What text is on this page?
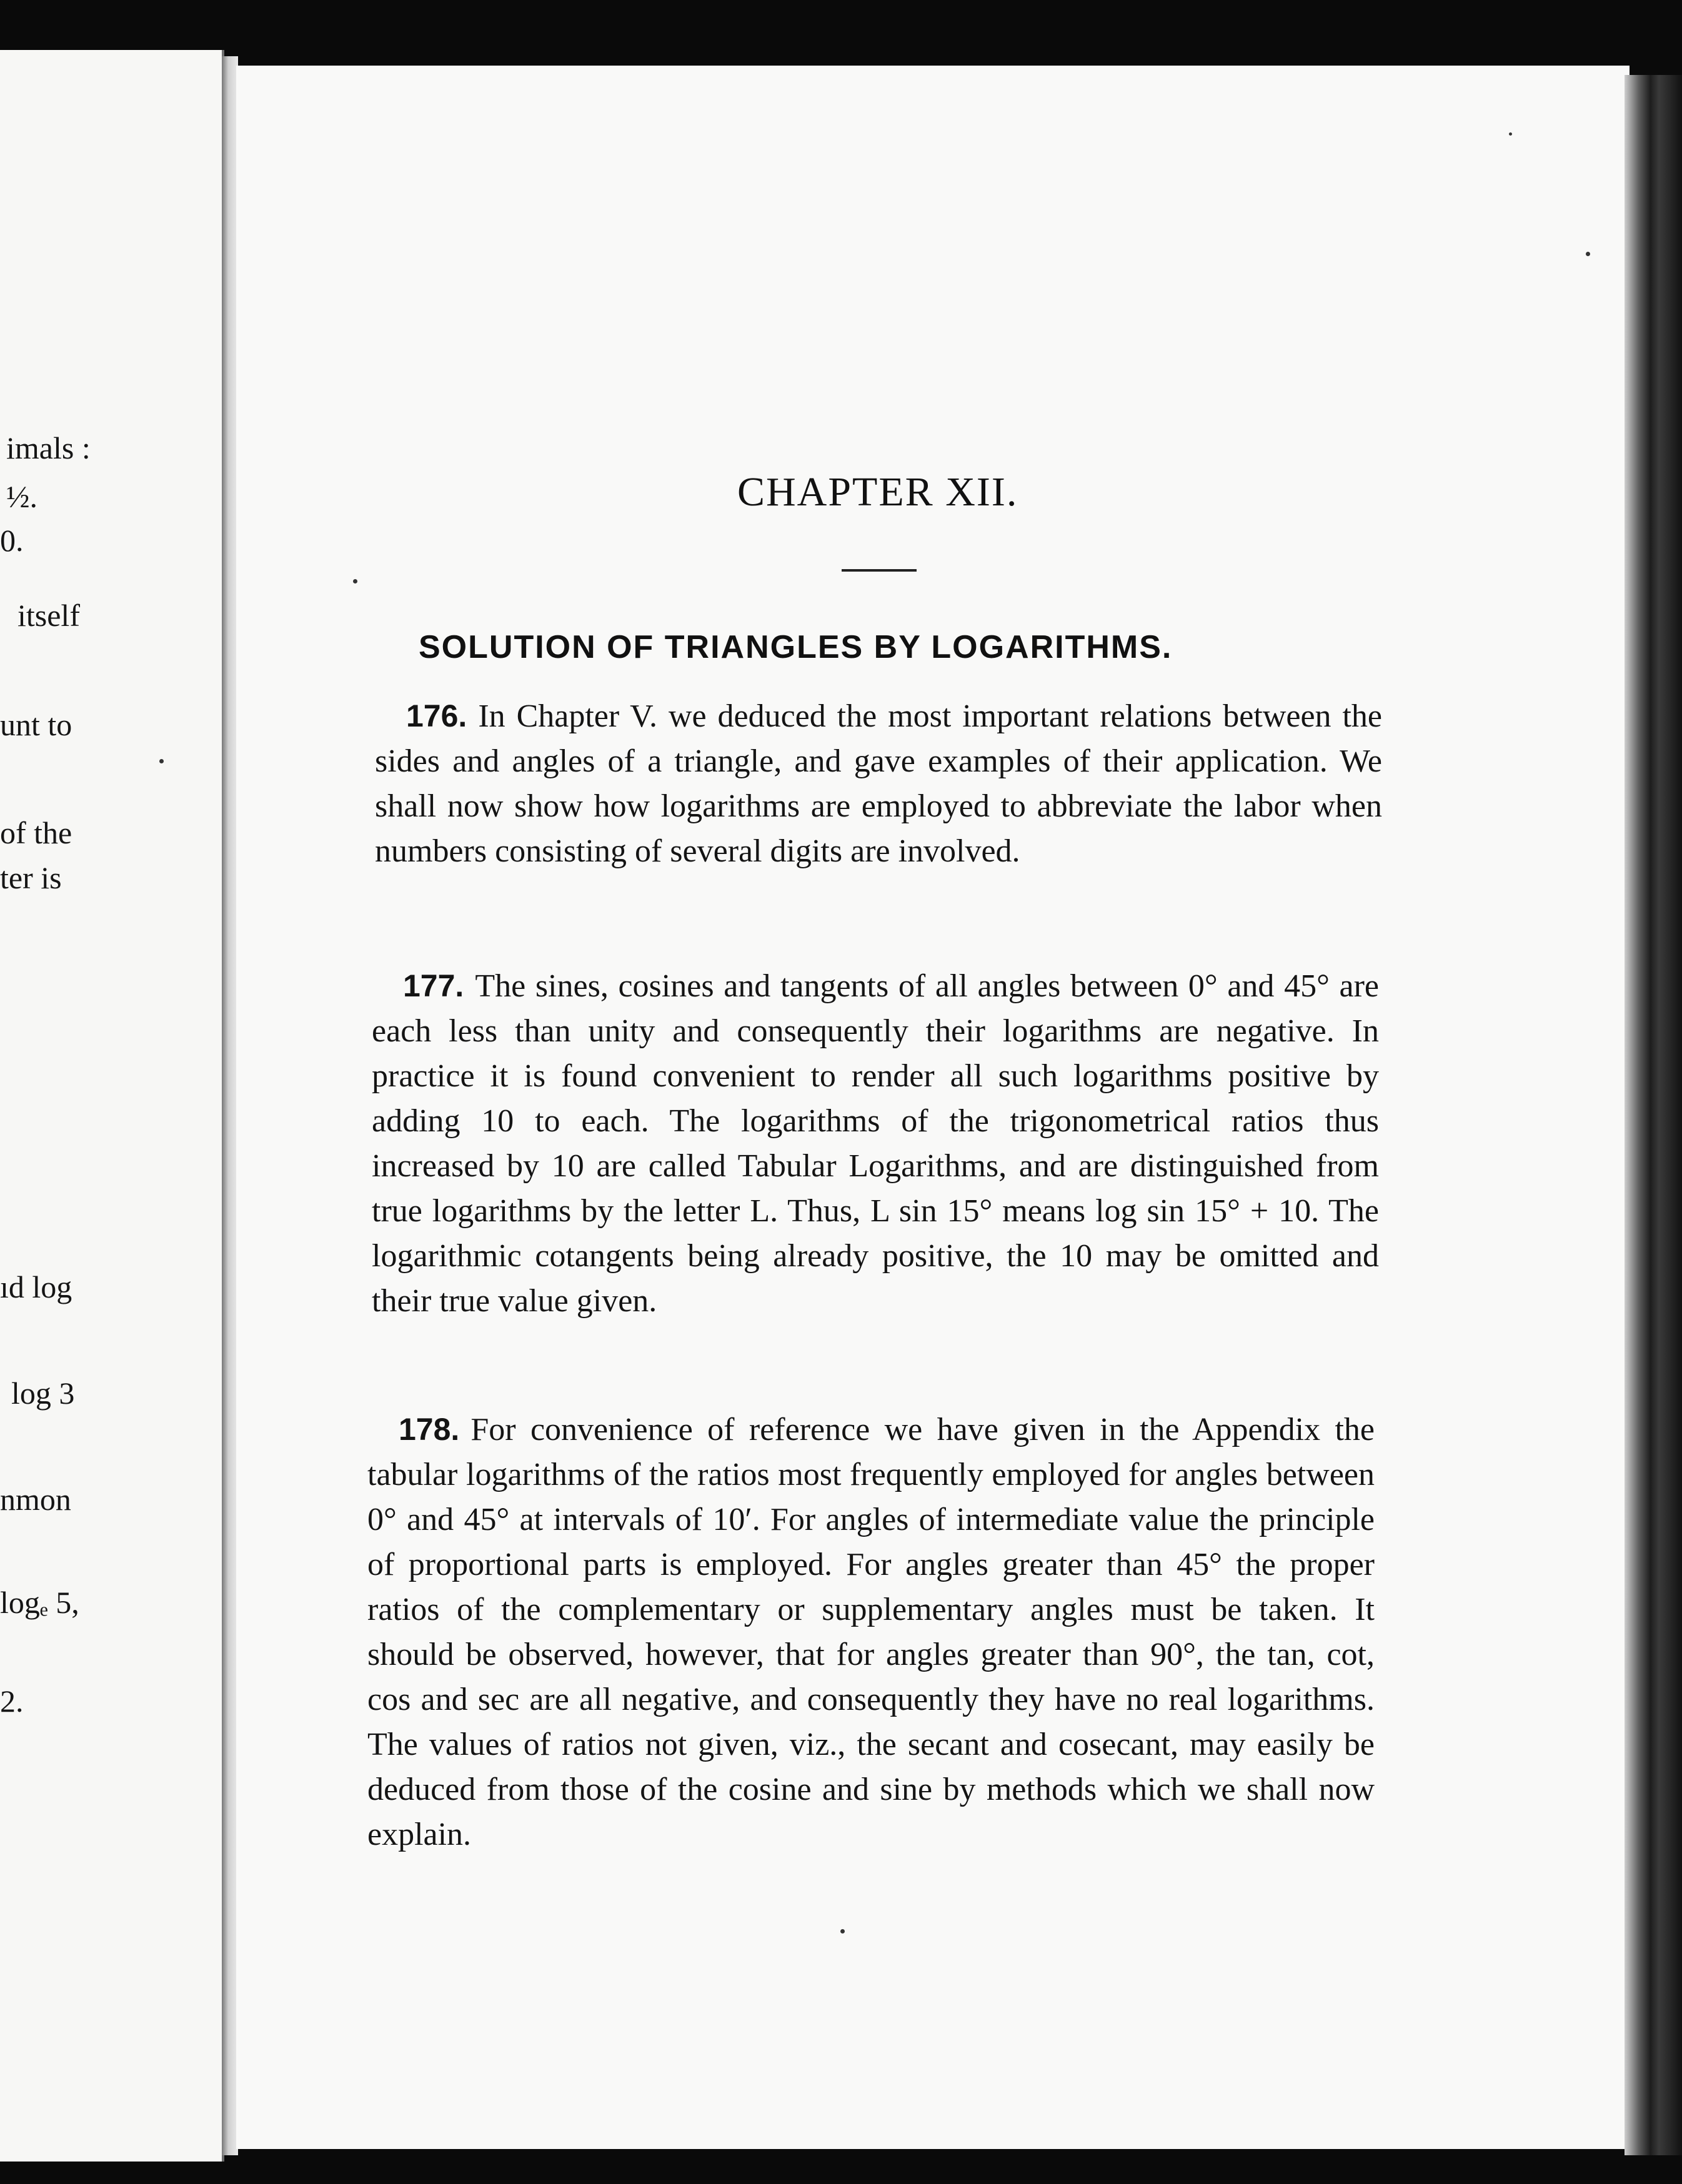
imals :
½.
0.
itself
unt to
of the
ter is
ıd log
log 3
nmon
logₑ 5,
2.
CHAPTER XII.
SOLUTION OF TRIANGLES BY LOGARITHMS.

176. In Chapter V. we deduced the most important relations between the sides and angles of a triangle, and gave examples of their application. We shall now show how logarithms are employed to abbreviate the labor when numbers consisting of several digits are involved.

177. The sines, cosines and tangents of all angles between 0° and 45° are each less than unity and consequently their logarithms are negative. In practice it is found convenient to render all such logarithms positive by adding 10 to each. The logarithms of the trigonometrical ratios thus increased by 10 are called Tabular Logarithms, and are distinguished from true logarithms by the letter L. Thus, L sin 15° means log sin 15° + 10. The logarithmic cotangents being already positive, the 10 may be omitted and their true value given.

178. For convenience of reference we have given in the Appendix the tabular logarithms of the ratios most frequently employed for angles between 0° and 45° at intervals of 10′. For angles of intermediate value the principle of proportional parts is employed. For angles greater than 45° the proper ratios of the complementary or supplementary angles must be taken. It should be observed, however, that for angles greater than 90°, the tan, cot, cos and sec are all negative, and consequently they have no real logarithms. The values of ratios not given, viz., the secant and cosecant, may easily be deduced from those of the cosine and sine by methods which we shall now explain.
